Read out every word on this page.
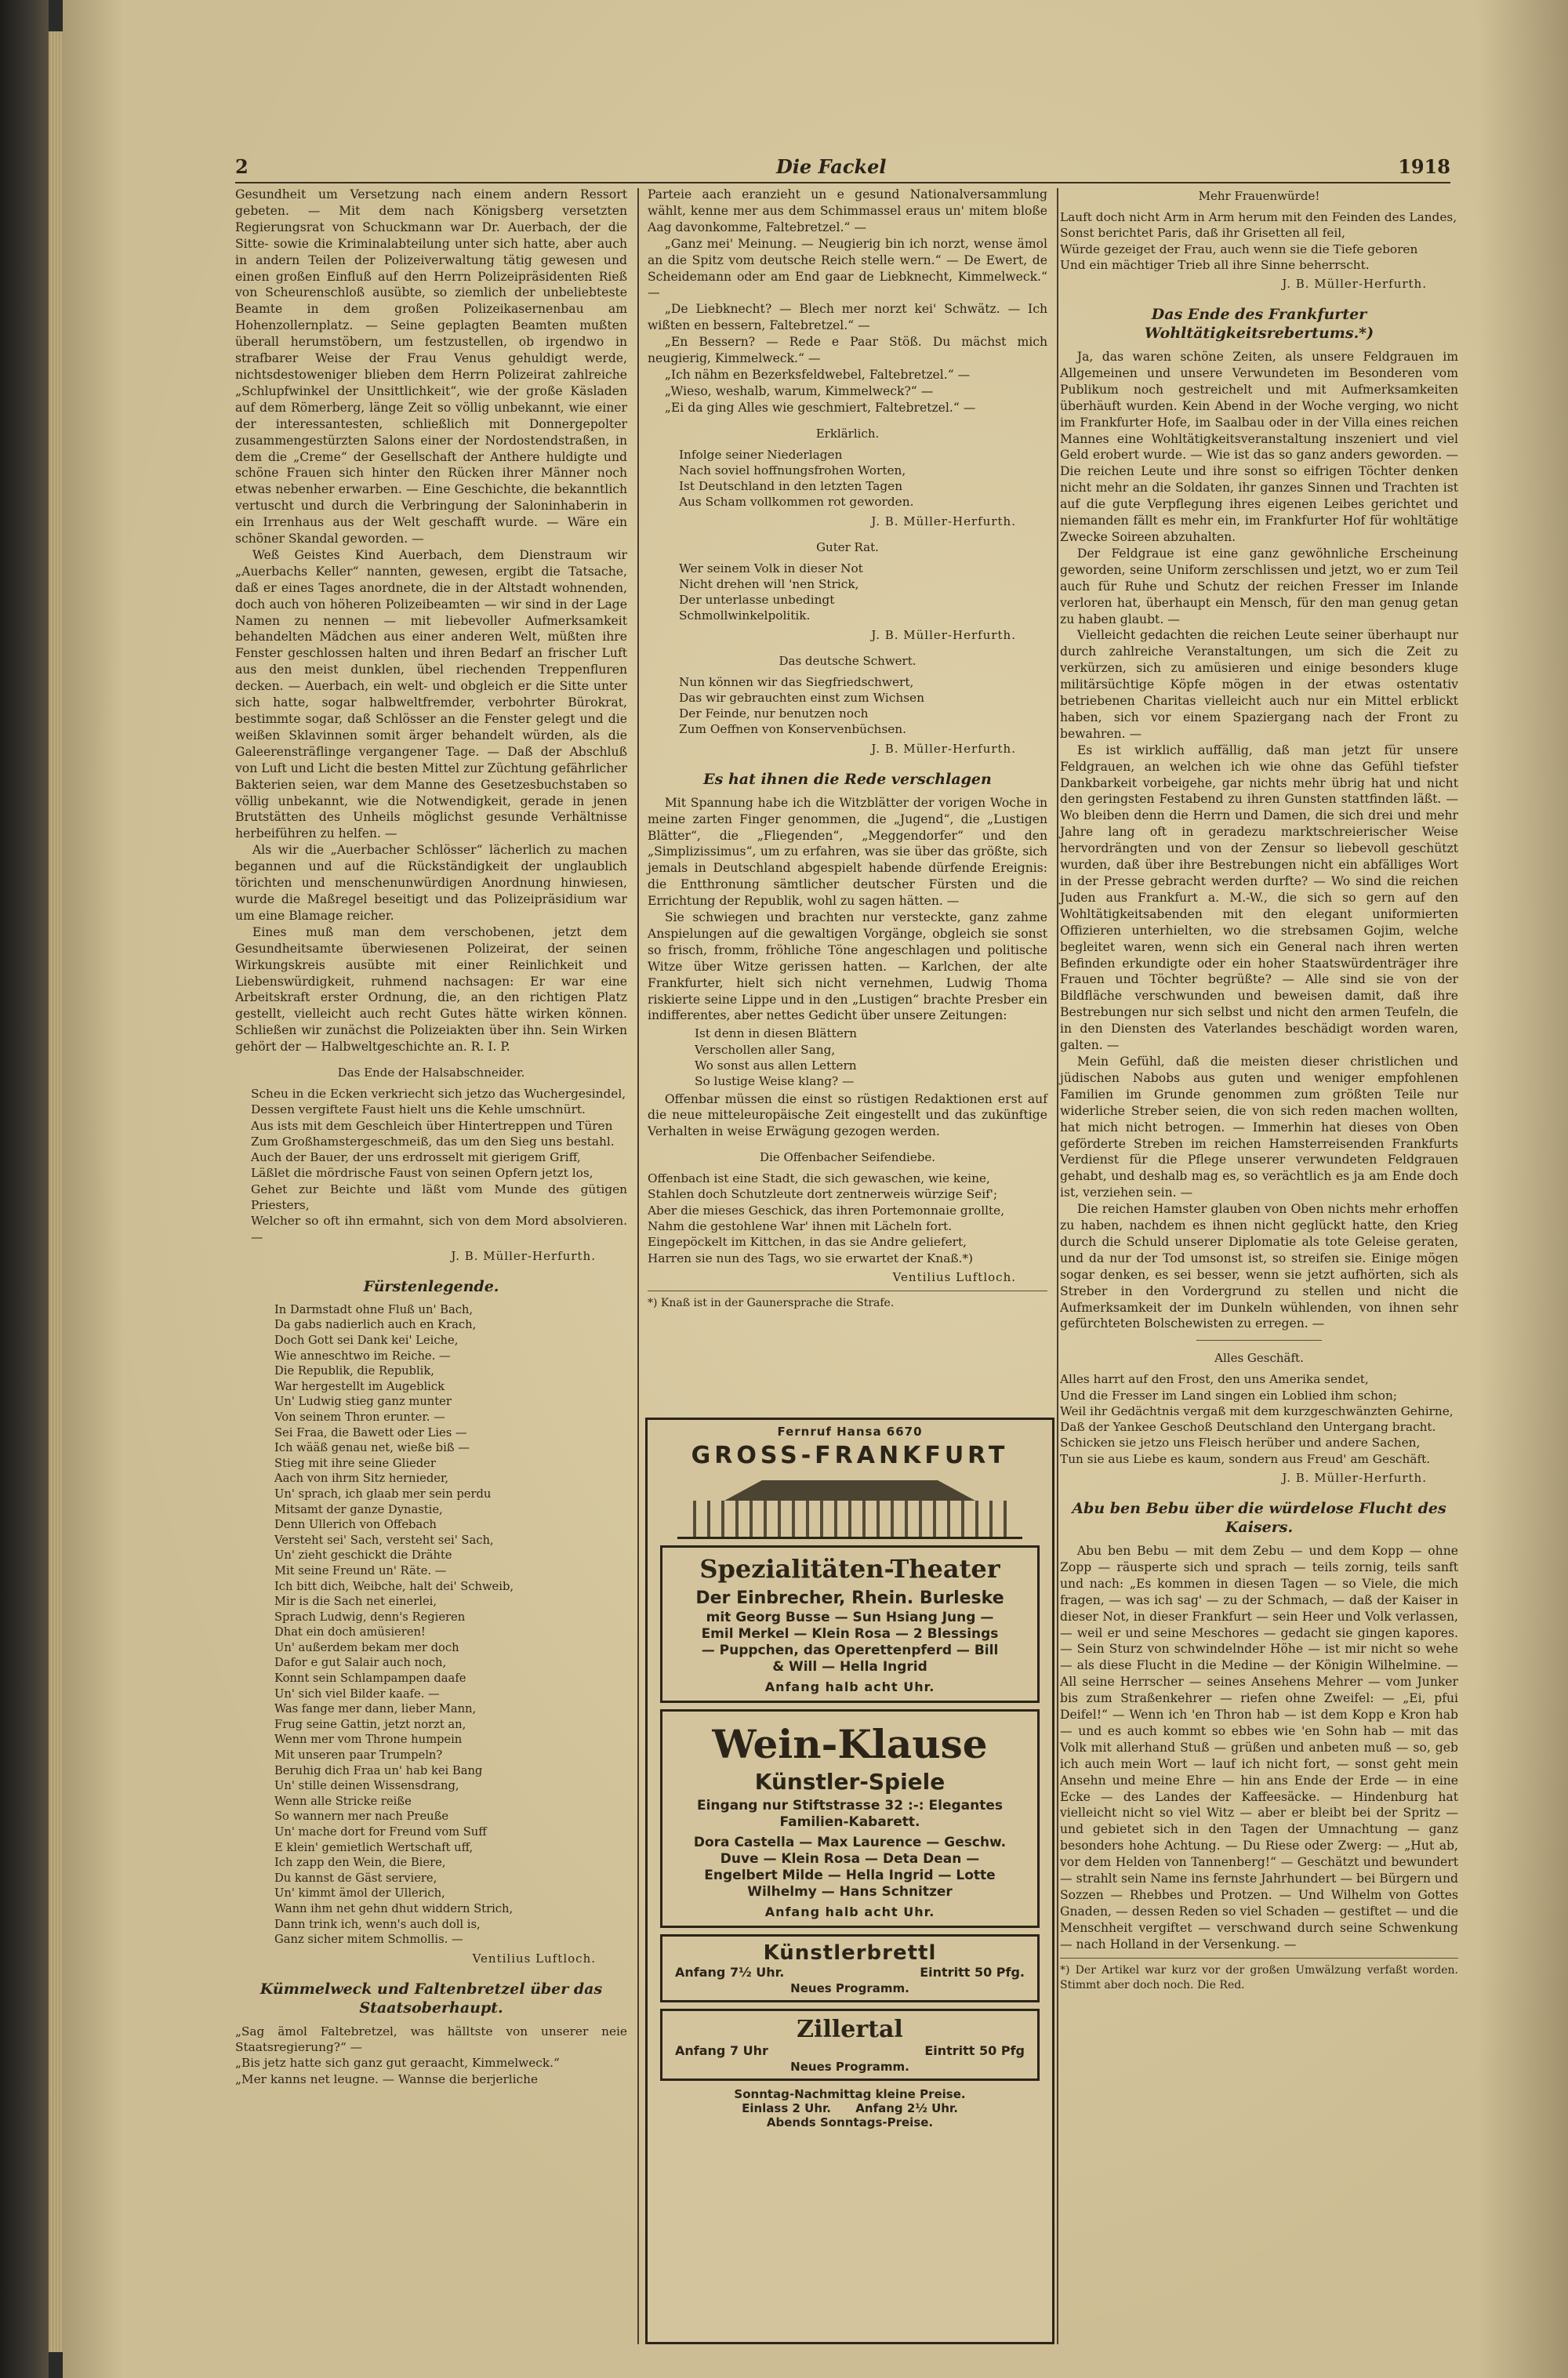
2	Die Fackel	1918

Gesundheit um Versetzung nach einem andern Ressort gebeten. — Mit dem nach Königsberg versetzten Regierungsrat von Schuckmann war Dr. Auerbach, der die Sitte- sowie die Kriminalabteilung unter sich hatte, aber auch in andern Teilen der Polizeiverwaltung tätig gewesen und einen großen Einfluß auf den Herrn Polizeipräsidenten Rieß von Scheurenschloß ausübte, so ziemlich der unbeliebteste Beamte in dem großen Polizeikasernenbau am Hohenzollernplatz. — Seine geplagten Beamten mußten überall herumstöbern, um festzustellen, ob irgendwo in strafbarer Weise der Frau Venus gehuldigt werde, nichtsdestoweniger blieben dem Herrn Polizeirat zahlreiche „Schlupfwinkel der Unsittlichkeit“, wie der große Käsladen auf dem Römerberg, länge Zeit so völlig unbekannt, wie einer der interessantesten, schließlich mit Donnergepolter zusammengestürzten Salons einer der Nordostendstraßen, in dem die „Creme“ der Gesellschaft der Anthere huldigte und schöne Frauen sich hinter den Rücken ihrer Männer noch etwas nebenher erwarben. — Eine Geschichte, die bekanntlich vertuscht und durch die Verbringung der Saloninhaberin in ein Irrenhaus aus der Welt geschafft wurde. — Wäre ein schöner Skandal geworden. —

Weß Geistes Kind Auerbach, dem Dienstraum wir „Auerbachs Keller“ nannten, gewesen, ergibt die Tatsache, daß er eines Tages anordnete, die in der Altstadt wohnenden, doch auch von höheren Polizeibeamten — wir sind in der Lage Namen zu nennen — mit liebevoller Aufmerksamkeit behandelten Mädchen aus einer anderen Welt, müßten ihre Fenster geschlossen halten und ihren Bedarf an frischer Luft aus den meist dunklen, übel riechenden Treppenfluren decken. — Auerbach, ein welt- und obgleich er die Sitte unter sich hatte, sogar halbweltfremder, verbohrter Bürokrat, bestimmte sogar, daß Schlösser an die Fenster gelegt und die weißen Sklavinnen somit ärger behandelt würden, als die Galeerensträflinge vergangener Tage. — Daß der Abschluß von Luft und Licht die besten Mittel zur Züchtung gefährlicher Bakterien seien, war dem Manne des Gesetzesbuchstaben so völlig unbekannt, wie die Notwendigkeit, gerade in jenen Brutstätten des Unheils möglichst gesunde Verhältnisse herbeiführen zu helfen. —

Als wir die „Auerbacher Schlösser“ lächerlich zu machen begannen und auf die Rückständigkeit der unglaublich törichten und menschenunwürdigen Anordnung hinwiesen, wurde die Maßregel beseitigt und das Polizeipräsidium war um eine Blamage reicher.

Eines muß man dem verschobenen, jetzt dem Gesundheitsamte überwiesenen Polizeirat, der seinen Wirkungskreis ausübte mit einer Reinlichkeit und Liebenswürdigkeit, ruhmend nachsagen: Er war eine Arbeitskraft erster Ordnung, die, an den richtigen Platz gestellt, vielleicht auch recht Gutes hätte wirken können. Schließen wir zunächst die Polizeiakten über ihn. Sein Wirken gehört der — Halbweltgeschichte an. R. I. P.

Das Ende der Halsabschneider.
Scheu in die Ecken verkriecht sich jetzo das Wuchergesindel,
Dessen vergiftete Faust hielt uns die Kehle umschnürt.
Aus ists mit dem Geschleich über Hintertreppen und Türen
Zum Großhamstergeschmeiß, das um den Sieg uns bestahl.
Auch der Bauer, der uns erdrosselt mit gierigem Griff,
Läßlet die mördrische Faust von seinen Opfern jetzt los,
Gehet zur Beichte und läßt vom Munde des gütigen Priesters,
Welcher so oft ihn ermahnt, sich von dem Mord absolvieren. —
J. B. Müller-Herfurth.
Fürstenlegende.
In Darmstadt ohne Fluß un' Bach,
Da gabs nadierlich auch en Krach,
Doch Gott sei Dank kei' Leiche,
Wie anneschtwo im Reiche. —
Die Republik, die Republik,
War hergestellt im Augeblick
Un' Ludwig stieg ganz munter
Von seinem Thron erunter. —
Sei Fraa, die Bawett oder Lies —
Ich wääß genau net, wieße biß —
Stieg mit ihre seine Glieder
Aach von ihrm Sitz hernieder,
Un' sprach, ich glaab mer sein perdu
Mitsamt der ganze Dynastie,
Denn Ullerich von Offebach
Versteht sei' Sach, versteht sei' Sach,
Un' zieht geschickt die Drähte
Mit seine Freund un' Räte. —
Ich bitt dich, Weibche, halt dei' Schweib,
Mir is die Sach net einerlei,
Sprach Ludwig, denn's Regieren
Dhat ein doch amüsieren!
Un' außerdem bekam mer doch
Dafor e gut Salair auch noch,
Konnt sein Schlampampen daafe
Un' sich viel Bilder kaafe. —
Was fange mer dann, lieber Mann,
Frug seine Gattin, jetzt norzt an,
Wenn mer vom Throne humpein
Mit unseren paar Trumpeln?
Beruhig dich Fraa un' hab kei Bang
Un' stille deinen Wissensdrang,
Wenn alle Stricke reiße
So wannern mer nach Preuße
Un' mache dort for Freund vom Suff
E klein' gemietlich Wertschaft uff,
Ich zapp den Wein, die Biere,
Du kannst de Gäst serviere,
Un' kimmt ämol der Ullerich,
Wann ihm net gehn dhut widdern Strich,
Dann trink ich, wenn's auch doll is,
Ganz sicher mitem Schmollis. —
Ventilius Luftloch.
Kümmelweck und Faltenbretzel über das Staatsoberhaupt.
„Sag ämol Faltebretzel, was hälltste von unserer neie Staatsregierung?“ —
„Bis jetz hatte sich ganz gut geraacht, Kimmelweck.“
„Mer kanns net leugne. — Wannse die berjerliche

Parteie aach eranzieht un e gesund Nationalversammlung wählt, kenne mer aus dem Schimmassel eraus un' mitem bloße Aag davonkomme, Faltebretzel.“ —

„Ganz mei' Meinung. — Neugierig bin ich norzt, wense ämol an die Spitz vom deutsche Reich stelle wern.“ — De Ewert, de Scheidemann oder am End gaar de Liebknecht, Kimmelweck.“ —

„De Liebknecht? — Blech mer norzt kei' Schwätz. — Ich wißten en bessern, Faltebretzel.“ —

„En Bessern? — Rede e Paar Stöß. Du mächst mich neugierig, Kimmelweck.“ —

„Ich nähm en Bezerksfeldwebel, Faltebretzel.“ —

„Wieso, weshalb, warum, Kimmelweck?“ —

„Ei da ging Alles wie geschmiert, Faltebretzel.“ —

Erklärlich.
Infolge seiner Niederlagen
Nach soviel hoffnungsfrohen Worten,
Ist Deutschland in den letzten Tagen
Aus Scham vollkommen rot geworden.
J. B. Müller-Herfurth.
Guter Rat.
Wer seinem Volk in dieser Not
Nicht drehen will 'nen Strick,
Der unterlasse unbedingt
Schmollwinkelpolitik.
J. B. Müller-Herfurth.
Das deutsche Schwert.
Nun können wir das Siegfriedschwert,
Das wir gebrauchten einst zum Wichsen
Der Feinde, nur benutzen noch
Zum Oeffnen von Konservenbüchsen.
J. B. Müller-Herfurth.
Es hat ihnen die Rede verschlagen

Mit Spannung habe ich die Witzblätter der vorigen Woche in meine zarten Finger genommen, die „Jugend“, die „Lustigen Blätter“, die „Fliegenden“, „Meggendorfer“ und den „Simplizissimus“, um zu erfahren, was sie über das größte, sich jemals in Deutschland abgespielt habende dürfende Ereignis: die Entthronung sämtlicher deutscher Fürsten und die Errichtung der Republik, wohl zu sagen hätten. —

Sie schwiegen und brachten nur versteckte, ganz zahme Anspielungen auf die gewaltigen Vorgänge, obgleich sie sonst so frisch, fromm, fröhliche Töne angeschlagen und politische Witze über Witze gerissen hatten. — Karlchen, der alte Frankfurter, hielt sich nicht vernehmen, Ludwig Thoma riskierte seine Lippe und in den „Lustigen“ brachte Presber ein indifferentes, aber nettes Gedicht über unsere Zeitungen:

Ist denn in diesen Blättern
Verschollen aller Sang,
Wo sonst aus allen Lettern
So lustige Weise klang? —

Offenbar müssen die einst so rüstigen Redaktionen erst auf die neue mitteleuropäische Zeit eingestellt und das zukünftige Verhalten in weise Erwägung gezogen werden.

Die Offenbacher Seifendiebe.
Offenbach ist eine Stadt, die sich gewaschen, wie keine,
Stahlen doch Schutzleute dort zentnerweis würzige Seif';
Aber die mieses Geschick, das ihren Portemonnaie grollte,
Nahm die gestohlene War' ihnen mit Lächeln fort.
Eingepöckelt im Kittchen, in das sie Andre geliefert,
Harren sie nun des Tags, wo sie erwartet der Knaß.*)
Ventilius Luftloch.
*) Knaß ist in der Gaunersprache die Strafe.
Fernruf Hansa 6670
GROSS-FRANKFURT
Spezialitäten-Theater
Der Einbrecher, Rhein. Burleske
mit Georg Busse — Sun Hsiang Jung —
Emil Merkel — Klein Rosa — 2 Blessings
— Puppchen, das Operettenpferd — Bill
& Will — Hella Ingrid
Anfang halb acht Uhr.
Wein-Klause
Künstler-Spiele
Eingang nur Stiftstrasse 32 :-: Elegantes
Familien-Kabarett.
Dora Castella — Max Laurence — Geschw.
Duve — Klein Rosa — Deta Dean —
Engelbert Milde — Hella Ingrid — Lotte
Wilhelmy — Hans Schnitzer
Anfang halb acht Uhr.
Künstlerbrettl
Anfang 7½ Uhr.	Eintritt 50 Pfg.
Neues Programm.
Zillertal
Anfang 7 Uhr	Eintritt 50 Pfg
Neues Programm.
Sonntag-Nachmittag kleine Preise.
Einlass 2 Uhr.      Anfang 2½ Uhr.
Abends Sonntags-Preise.
Mehr Frauenwürde!
Lauft doch nicht Arm in Arm herum mit den Feinden des Landes,
Sonst berichtet Paris, daß ihr Grisetten all feil,
Würde gezeiget der Frau, auch wenn sie die Tiefe geboren
Und ein mächtiger Trieb all ihre Sinne beherrscht.
J. B. Müller-Herfurth.
Das Ende des Frankfurter Wohltätigkeitsrebertums.*)

Ja, das waren schöne Zeiten, als unsere Feldgrauen im Allgemeinen und unsere Verwundeten im Besonderen vom Publikum noch gestreichelt und mit Aufmerksamkeiten überhäuft wurden. Kein Abend in der Woche verging, wo nicht im Frankfurter Hofe, im Saalbau oder in der Villa eines reichen Mannes eine Wohltätigkeitsveranstaltung inszeniert und viel Geld erobert wurde. — Wie ist das so ganz anders geworden. — Die reichen Leute und ihre sonst so eifrigen Töchter denken nicht mehr an die Soldaten, ihr ganzes Sinnen und Trachten ist auf die gute Verpflegung ihres eigenen Leibes gerichtet und niemanden fällt es mehr ein, im Frankfurter Hof für wohltätige Zwecke Soireen abzuhalten.

Der Feldgraue ist eine ganz gewöhnliche Erscheinung geworden, seine Uniform zerschlissen und jetzt, wo er zum Teil auch für Ruhe und Schutz der reichen Fresser im Inlande verloren hat, überhaupt ein Mensch, für den man genug getan zu haben glaubt. —

Vielleicht gedachten die reichen Leute seiner überhaupt nur durch zahlreiche Veranstaltungen, um sich die Zeit zu verkürzen, sich zu amüsieren und einige besonders kluge militärsüchtige Köpfe mögen in der etwas ostentativ betriebenen Charitas vielleicht auch nur ein Mittel erblickt haben, sich vor einem Spaziergang nach der Front zu bewahren. —

Es ist wirklich auffällig, daß man jetzt für unsere Feldgrauen, an welchen ich wie ohne das Gefühl tiefster Dankbarkeit vorbeigehe, gar nichts mehr übrig hat und nicht den geringsten Festabend zu ihren Gunsten stattfinden läßt. — Wo bleiben denn die Herrn und Damen, die sich drei und mehr Jahre lang oft in geradezu marktschreierischer Weise hervordrängten und von der Zensur so liebevoll geschützt wurden, daß über ihre Bestrebungen nicht ein abfälliges Wort in der Presse gebracht werden durfte? — Wo sind die reichen Juden aus Frankfurt a. M.-W., die sich so gern auf den Wohltätigkeitsabenden mit den elegant uniformierten Offizieren unterhielten, wo die strebsamen Gojim, welche begleitet waren, wenn sich ein General nach ihren werten Befinden erkundigte oder ein hoher Staatswürdenträger ihre Frauen und Töchter begrüßte? — Alle sind sie von der Bildfläche verschwunden und beweisen damit, daß ihre Bestrebungen nur sich selbst und nicht den armen Teufeln, die in den Diensten des Vaterlandes beschädigt worden waren, galten. —

Mein Gefühl, daß die meisten dieser christlichen und jüdischen Nabobs aus guten und weniger empfohlenen Familien im Grunde genommen zum größten Teile nur widerliche Streber seien, die von sich reden machen wollten, hat mich nicht betrogen. — Immerhin hat dieses von Oben geförderte Streben im reichen Hamsterreisenden Frankfurts Verdienst für die Pflege unserer verwundeten Feldgrauen gehabt, und deshalb mag es, so verächtlich es ja am Ende doch ist, verziehen sein. —

Die reichen Hamster glauben von Oben nichts mehr erhoffen zu haben, nachdem es ihnen nicht geglückt hatte, den Krieg durch die Schuld unserer Diplomatie als tote Geleise geraten, und da nur der Tod umsonst ist, so streifen sie. Einige mögen sogar denken, es sei besser, wenn sie jetzt aufhörten, sich als Streber in den Vordergrund zu stellen und nicht die Aufmerksamkeit der im Dunkeln wühlenden, von ihnen sehr gefürchteten Bolschewisten zu erregen. —

Alles Geschäft.
Alles harrt auf den Frost, den uns Amerika sendet,
Und die Fresser im Land singen ein Loblied ihm schon;
Weil ihr Gedächtnis vergaß mit dem kurzgeschwänzten Gehirne,
Daß der Yankee Geschoß Deutschland den Untergang bracht.
Schicken sie jetzo uns Fleisch herüber und andere Sachen,
Tun sie aus Liebe es kaum, sondern aus Freud' am Geschäft.
J. B. Müller-Herfurth.
Abu ben Bebu über die würdelose Flucht des Kaisers.

Abu ben Bebu — mit dem Zebu — und dem Kopp — ohne Zopp — räusperte sich und sprach — teils zornig, teils sanft und nach: „Es kommen in diesen Tagen — so Viele, die mich fragen, — was ich sag' — zu der Schmach, — daß der Kaiser in dieser Not, in dieser Frankfurt — sein Heer und Volk verlassen, — weil er und seine Meschores — gedacht sie gingen kapores. — Sein Sturz von schwindelnder Höhe — ist mir nicht so wehe — als diese Flucht in die Medine — der Königin Wilhelmine. — All seine Herrscher — seines Ansehens Mehrer — vom Junker bis zum Straßenkehrer — riefen ohne Zweifel: — „Ei, pfui Deifel!“ — Wenn ich 'en Thron hab — ist dem Kopp e Kron hab — und es auch kommt so ebbes wie 'en Sohn hab — mit das Volk mit allerhand Stuß — grüßen und anbeten muß — so, geb ich auch mein Wort — lauf ich nicht fort, — sonst geht mein Ansehn und meine Ehre — hin ans Ende der Erde — in eine Ecke — des Landes der Kaffeesäcke. — Hindenburg hat vielleicht nicht so viel Witz — aber er bleibt bei der Spritz — und gebietet sich in den Tagen der Umnachtung — ganz besonders hohe Achtung. — Du Riese oder Zwerg: — „Hut ab, vor dem Helden von Tannenberg!“ — Geschätzt und bewundert — strahlt sein Name ins fernste Jahrhundert — bei Bürgern und Sozzen — Rhebbes und Protzen. — Und Wilhelm von Gottes Gnaden, — dessen Reden so viel Schaden — gestiftet — und die Menschheit vergiftet — verschwand durch seine Schwenkung — nach Holland in der Versenkung. —

*) Der Artikel war kurz vor der großen Umwälzung verfaßt worden. Stimmt aber doch noch. Die Red.
